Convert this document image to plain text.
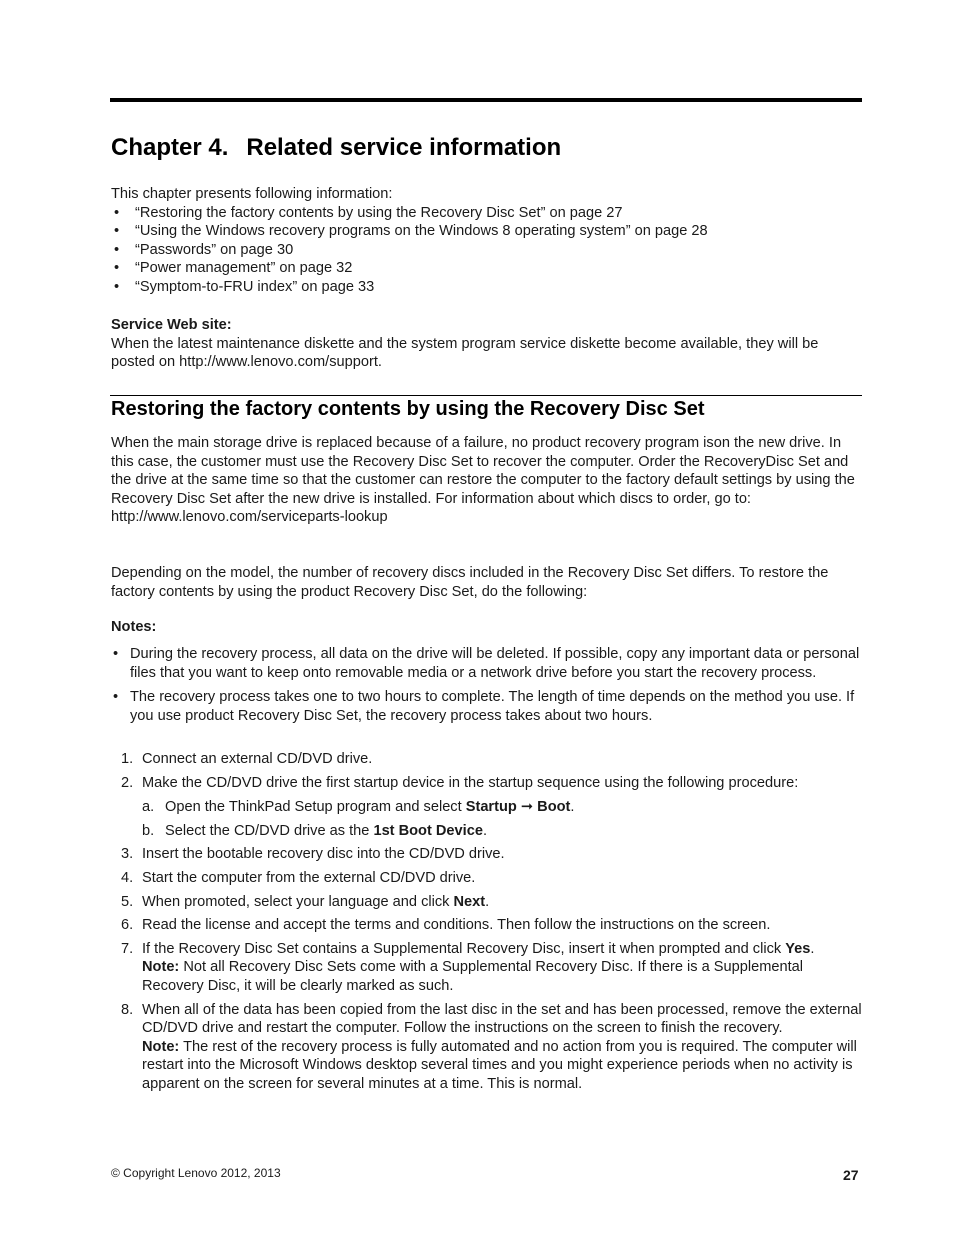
Chapter 4. Related service information

This chapter presents following information:

• “Restoring the factory contents by using the Recovery Disc Set” on page 27
• “Using the Windows recovery programs on the Windows 8 operating system” on page 28
• “Passwords” on page 30
• “Power management” on page 32
• “Symptom-to-FRU index” on page 33

Service Web site:

When the latest maintenance diskette and the system program service diskette become available, they will be posted on http://www.lenovo.com/support.

Restoring the factory contents by using the Recovery Disc Set

When the main storage drive is replaced because of a failure, no product recovery program ison the new drive. In this case, the customer must use the Recovery Disc Set to recover the computer. Order the RecoveryDisc Set and the drive at the same time so that the customer can restore the computer to the factory default settings by using the Recovery Disc Set after the new drive is installed. For information about which discs to order, go to:

http://www.lenovo.com/serviceparts-lookup

Depending on the model, the number of recovery discs included in the Recovery Disc Set differs. To restore the factory contents by using the product Recovery Disc Set, do the following:

Notes:

• During the recovery process, all data on the drive will be deleted. If possible, copy any important data or personal files that you want to keep onto removable media or a network drive before you start the recovery process.
• The recovery process takes one to two hours to complete. The length of time depends on the method you use. If you use product Recovery Disc Set, the recovery process takes about two hours.
1. Connect an external CD/DVD drive.
2. Make the CD/DVD drive the first startup device in the startup sequence using the following procedure:
a. Open the ThinkPad Setup program and select Startup ➞ Boot.
b. Select the CD/DVD drive as the 1st Boot Device.
3. Insert the bootable recovery disc into the CD/DVD drive.
4. Start the computer from the external CD/DVD drive.
5. When promoted, select your language and click Next.
6. Read the license and accept the terms and conditions. Then follow the instructions on the screen.
7. If the Recovery Disc Set contains a Supplemental Recovery Disc, insert it when prompted and click Yes.

Note: Not all Recovery Disc Sets come with a Supplemental Recovery Disc. If there is a Supplemental Recovery Disc, it will be clearly marked as such.

8. When all of the data has been copied from the last disc in the set and has been processed, remove the external CD/DVD drive and restart the computer. Follow the instructions on the screen to finish the recovery.

Note: The rest of the recovery process is fully automated and no action from you is required. The computer will restart into the Microsoft Windows desktop several times and you might experience periods when no activity is apparent on the screen for several minutes at a time. This is normal.

© Copyright Lenovo 2012, 2013	27
